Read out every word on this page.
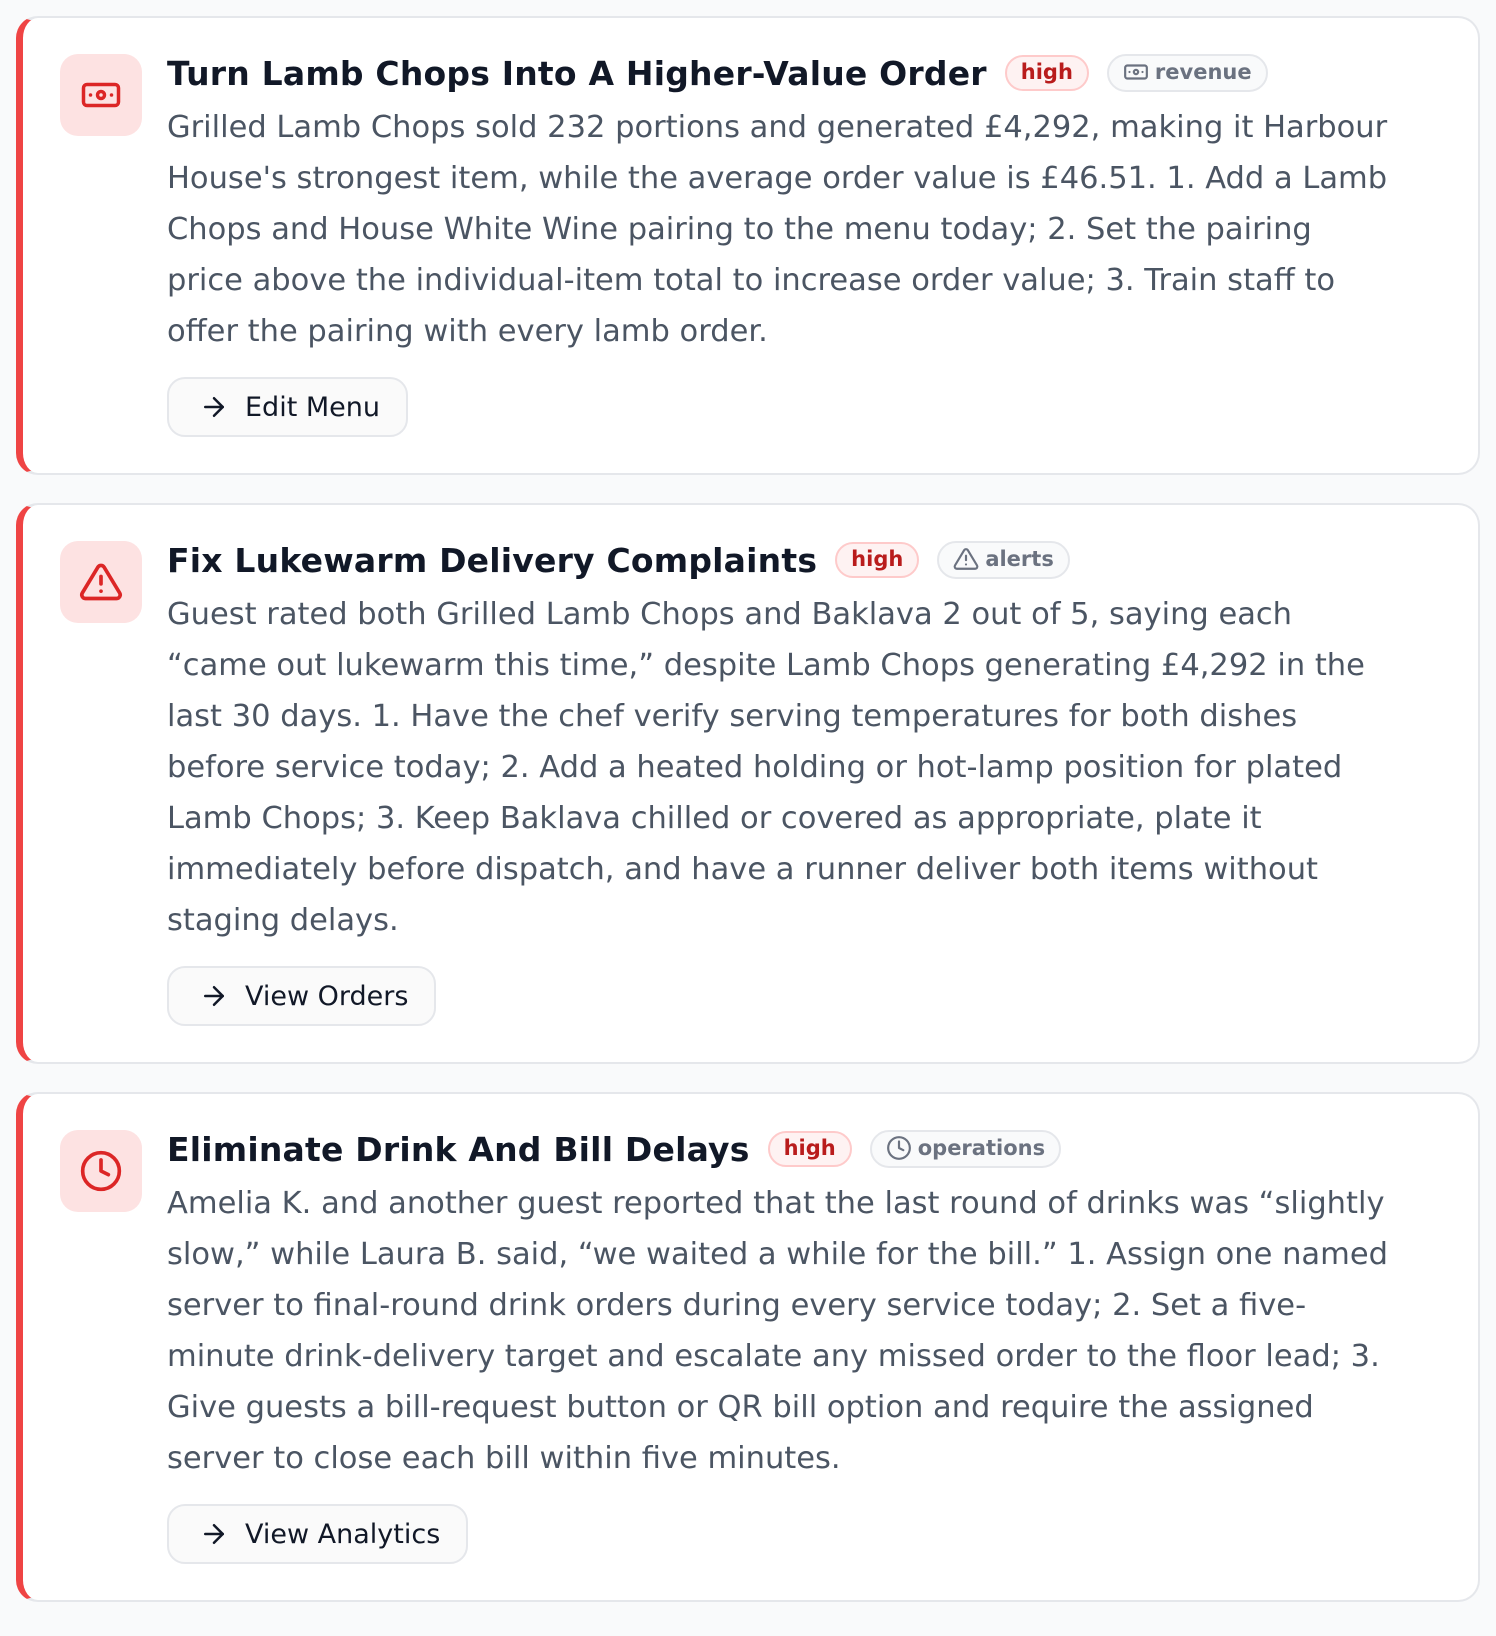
Turn Lamb Chops Into A Higher-Value Order	high	revenue
Grilled Lamb Chops sold 232 portions and generated £4,292, making it Harbour House's strongest item, while the average order value is £46.51. 1. Add a Lamb Chops and House White Wine pairing to the menu today; 2. Set the pairing price above the individual-item total to increase order value; 3. Train staff to offer the pairing with every lamb order.
Edit Menu
Fix Lukewarm Delivery Complaints	high	alerts
Guest rated both Grilled Lamb Chops and Baklava 2 out of 5, saying each “came out lukewarm this time,” despite Lamb Chops generating £4,292 in the last 30 days. 1. Have the chef verify serving temperatures for both dishes before service today; 2. Add a heated holding or hot-lamp position for plated Lamb Chops; 3. Keep Baklava chilled or covered as appropriate, plate it immediately before dispatch, and have a runner deliver both items without staging delays.
View Orders
Eliminate Drink And Bill Delays	high	operations
Amelia K. and another guest reported that the last round of drinks was “slightly slow,” while Laura B. said, “we waited a while for the bill.” 1. Assign one named server to final-round drink orders during every service today; 2. Set a five-minute drink-delivery target and escalate any missed order to the floor lead; 3. Give guests a bill-request button or QR bill option and require the assigned server to close each bill within five minutes.
View Analytics
